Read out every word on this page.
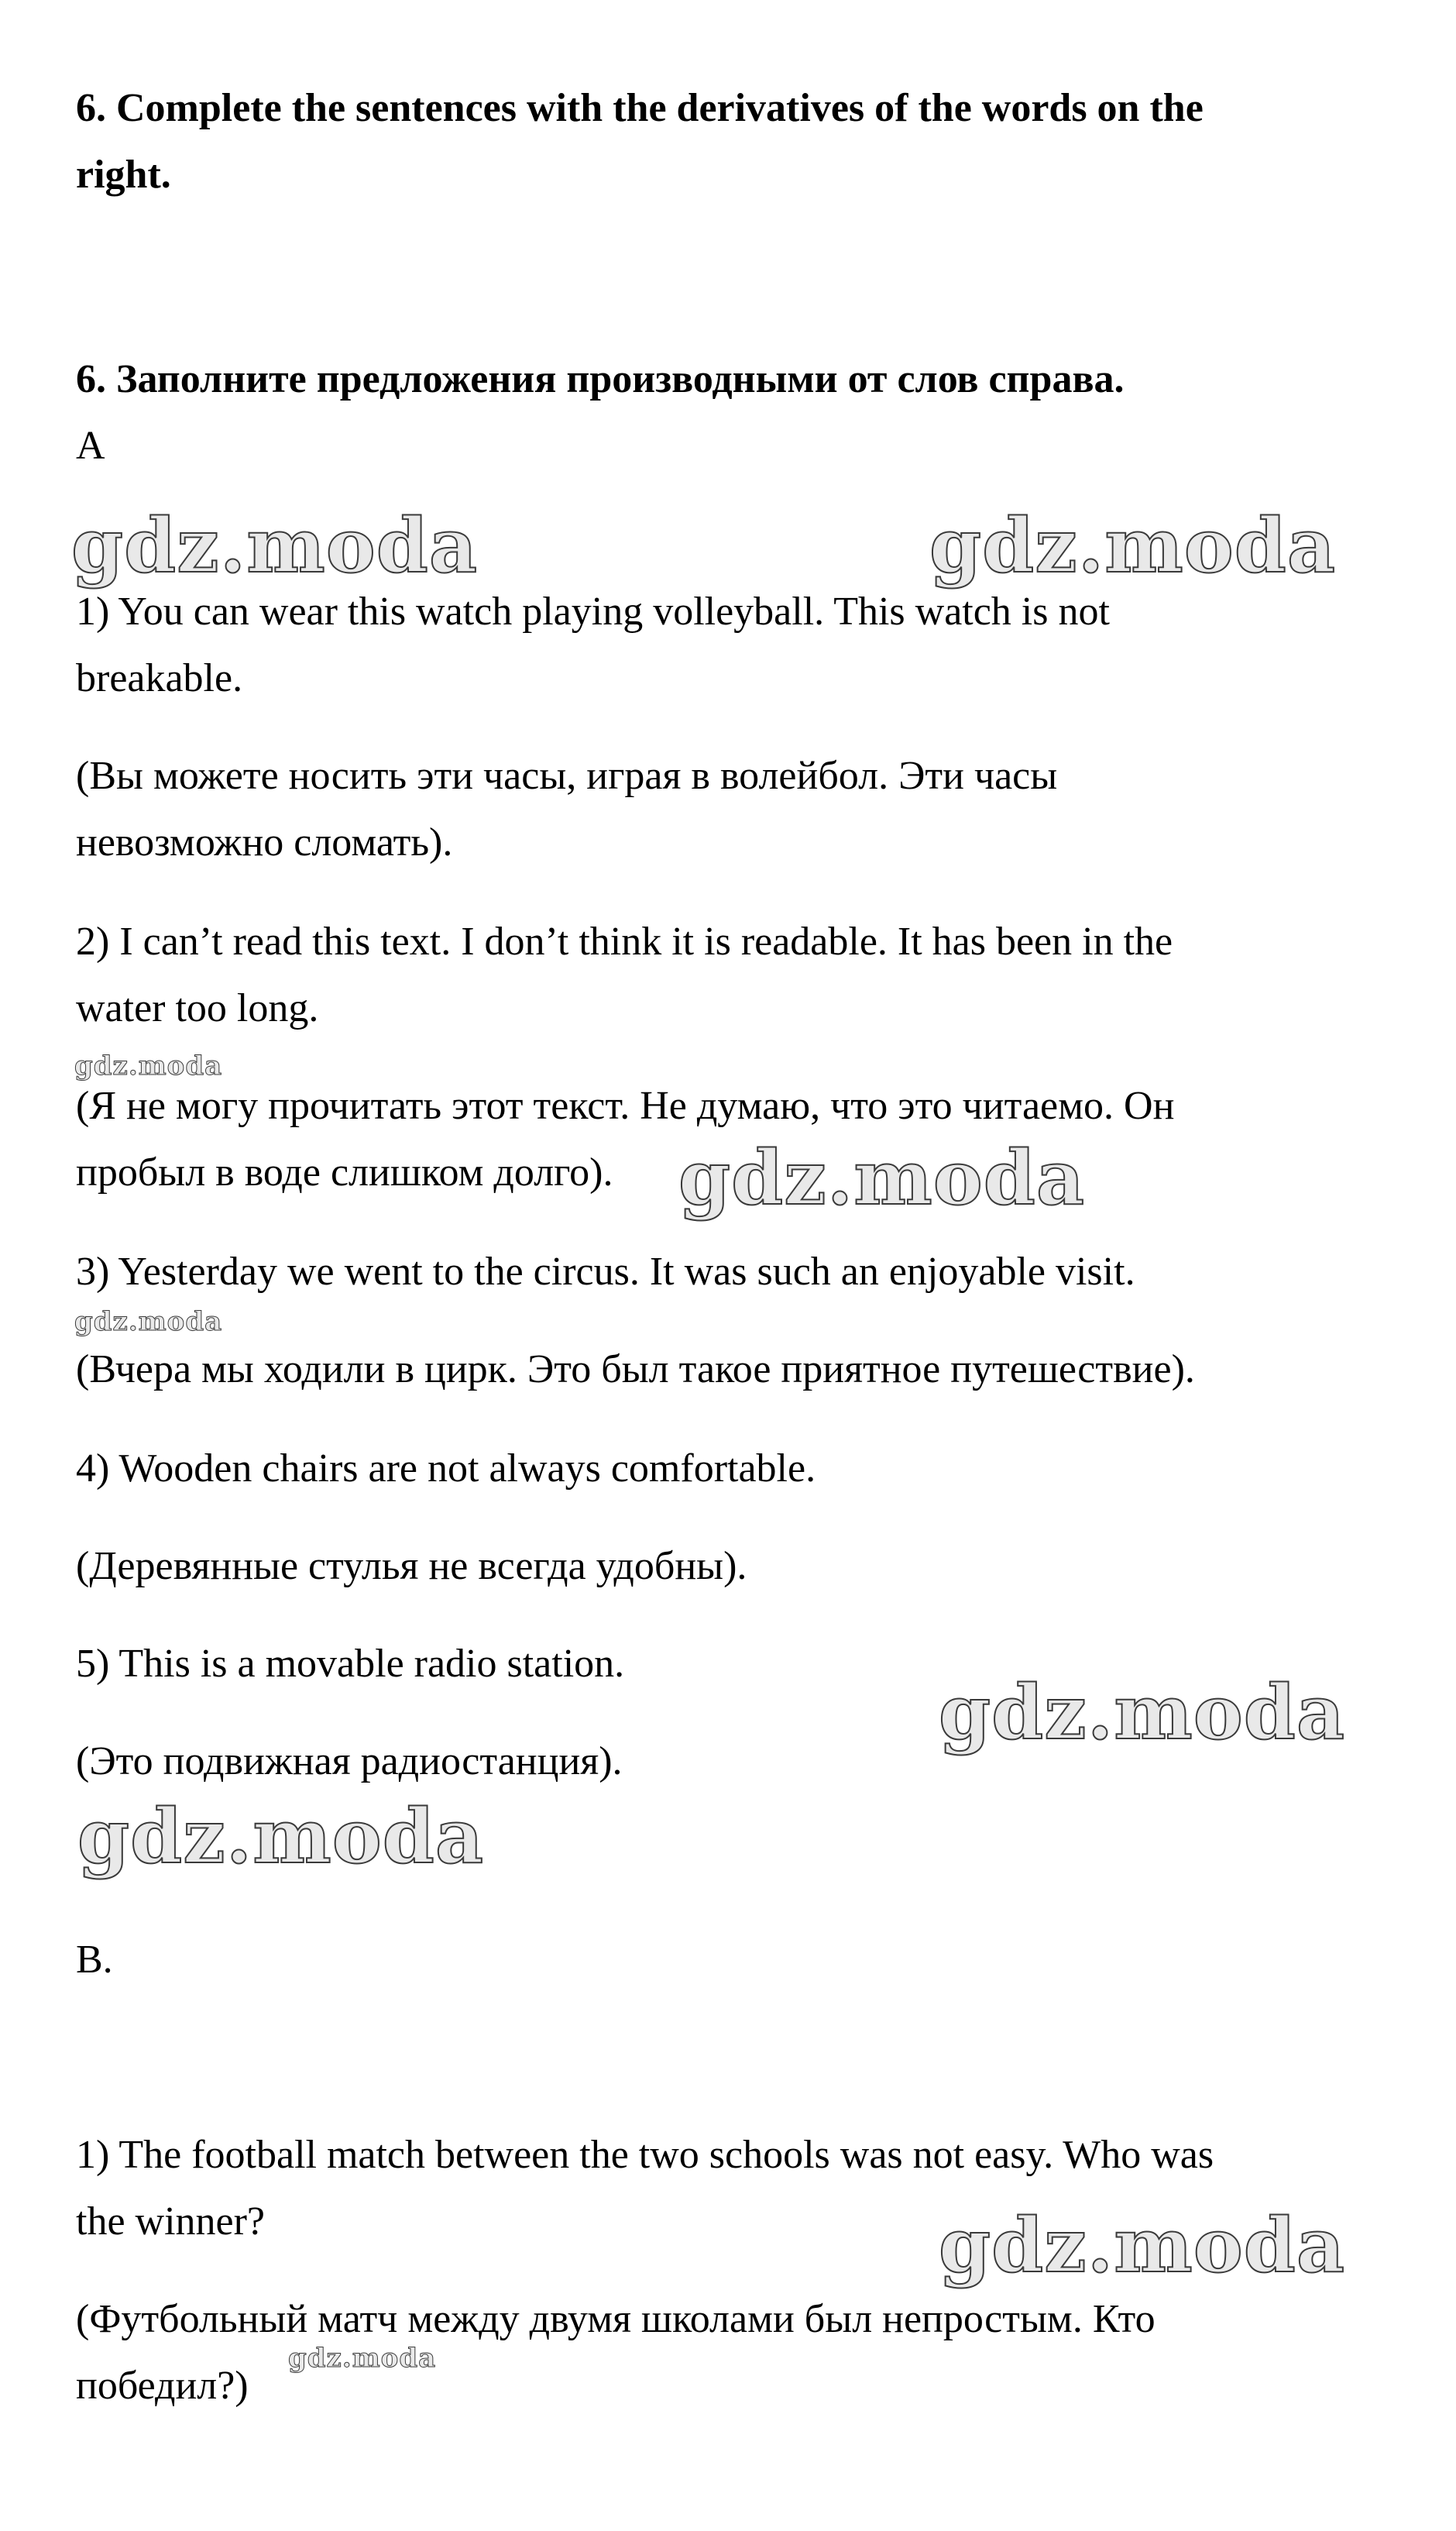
6. Complete the sentences with the derivatives of the words on the
right.
6. Заполните предложения производными от слов справа.
A
1) You can wear this watch playing volleyball. This watch is not
breakable.
(Вы можете носить эти часы, играя в волейбол. Эти часы
невозможно сломать).
2) I can’t read this text. I don’t think it is readable. It has been in the
water too long.
(Я не могу прочитать этот текст. Не думаю, что это читаемо. Он
пробыл в воде слишком долго).
3) Yesterday we went to the circus. It was such an enjoyable visit.
(Вчера мы ходили в цирк. Это был такое приятное путешествие).
4) Wooden chairs are not always comfortable.
(Деревянные стулья не всегда удобны).
5) This is a movable radio station.
(Это подвижная радиостанция).
B.
1) The football match between the two schools was not easy. Who was
the winner?
(Футбольный матч между двумя школами был непростым. Кто
победил?)
gdz.moda	gdz.moda
gdz.moda
gdz.moda
gdz.moda
gdz.moda
gdz.moda
gdz.moda
gdz.moda
